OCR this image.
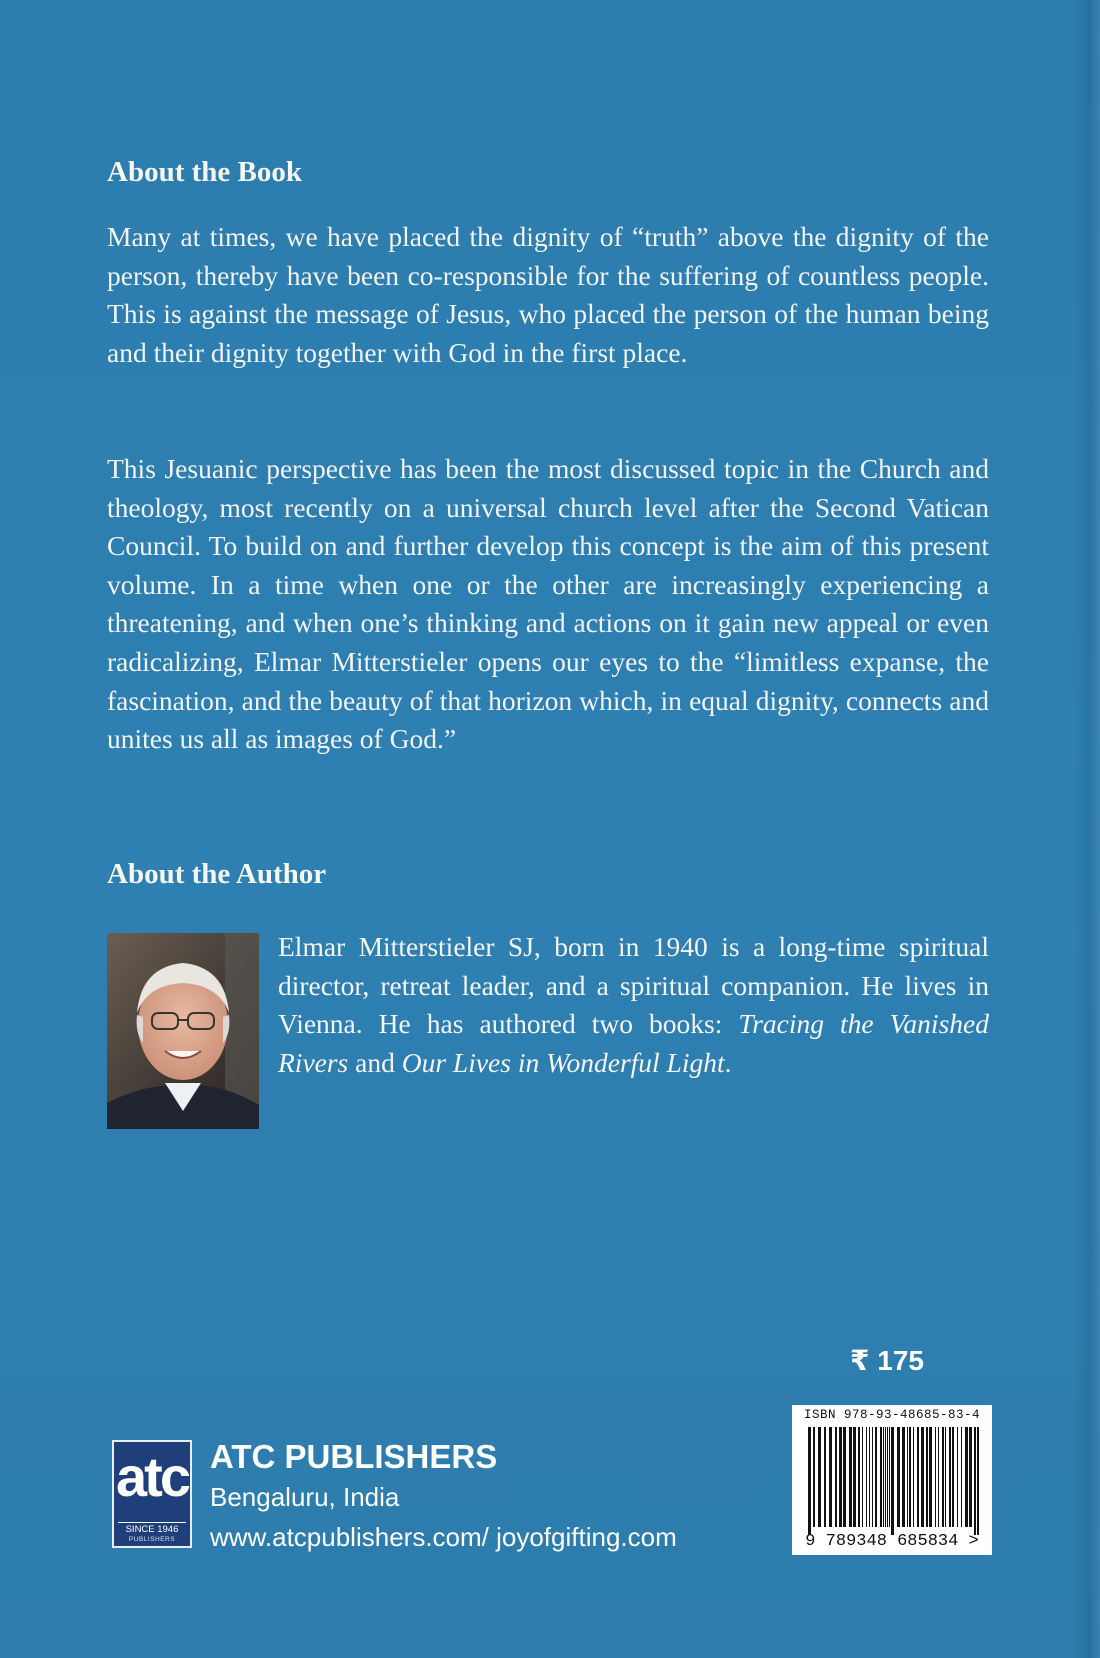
About the Book

Many at times, we have placed the dignity of “truth” above the dignity of the person, thereby have been co-responsible for the suffering of countless people. This is against the message of Jesus, who placed the person of the human being and their dignity together with God in the first place.

This Jesuanic perspective has been the most discussed topic in the Church and theology, most recently on a universal church level after the Second Vatican Council. To build on and further develop this concept is the aim of this present volume. In a time when one or the other are increasingly experiencing a threatening, and when one’s thinking and actions on it gain new appeal or even radicalizing, Elmar Mitterstieler opens our eyes to the “limitless expanse, the fascination, and the beauty of that horizon which, in equal dignity, connects and unites us all as images of God.”

About the Author

Elmar Mitterstieler SJ, born in 1940 is a long-time spiritual director, retreat leader, and a spiritual companion. He lives in Vienna. He has authored two books: Tracing the Vanished Rivers and Our Lives in Wonderful Light.

₹ 175
ISBN 978-93-48685-83-4
9 789348 685834 >
atc
SINCE 1946
PUBLISHERS
ATC PUBLISHERS
Bengaluru, India
www.atcpublishers.com/ joyofgifting.com
